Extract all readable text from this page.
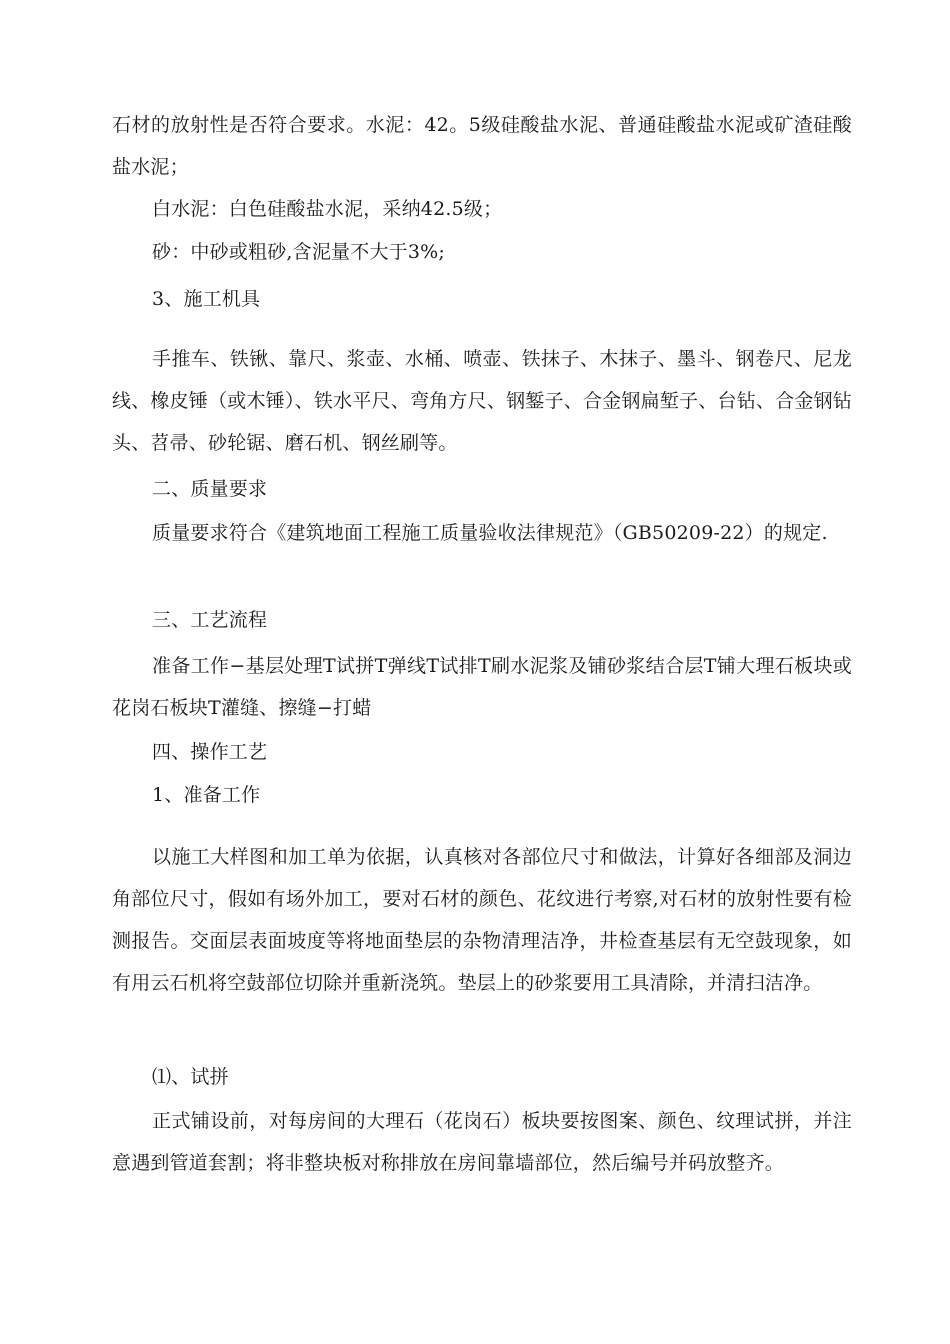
石材的放射性是否符合要求。水泥：42。5级硅酸盐水泥、普通硅酸盐水泥或矿渣硅酸盐水泥；

白水泥：白色硅酸盐水泥，采纳42.5级；

砂：中砂或粗砂,含泥量不大于3%;

3、施工机具

手推车、铁锹、靠尺、浆壶、水桶、喷壶、铁抹子、木抹子、墨斗、钢卷尺、尼龙线、橡皮锤（或木锤）、铁水平尺、弯角方尺、钢錾子、合金钢扁堑子、台钻、合金钢钻头、苕帚、砂轮锯、磨石机、钢丝刷等。

二、质量要求

质量要求符合《建筑地面工程施工质量验收法律规范》（GB50209-22）的规定.

三、工艺流程

准备工作−基层处理T试拼T弹线T试排T刷水泥浆及铺砂浆结合层T铺大理石板块或花岗石板块T灌缝、擦缝−打蜡

四、操作工艺

1、准备工作

以施工大样图和加工单为依据，认真核对各部位尺寸和做法，计算好各细部及洞边角部位尺寸，假如有场外加工，要对石材的颜色、花纹进行考察,对石材的放射性要有检测报告。交面层表面坡度等将地面垫层的杂物清理洁净，井检查基层有无空鼓现象，如有用云石机将空鼓部位切除并重新浇筑。垫层上的砂浆要用工具清除，并清扫洁净。

⑴、试拼

正式铺设前，对每房间的大理石（花岗石）板块要按图案、颜色、纹理试拼，并注意遇到管道套割；将非整块板对称排放在房间靠墙部位，然后编号并码放整齐。
